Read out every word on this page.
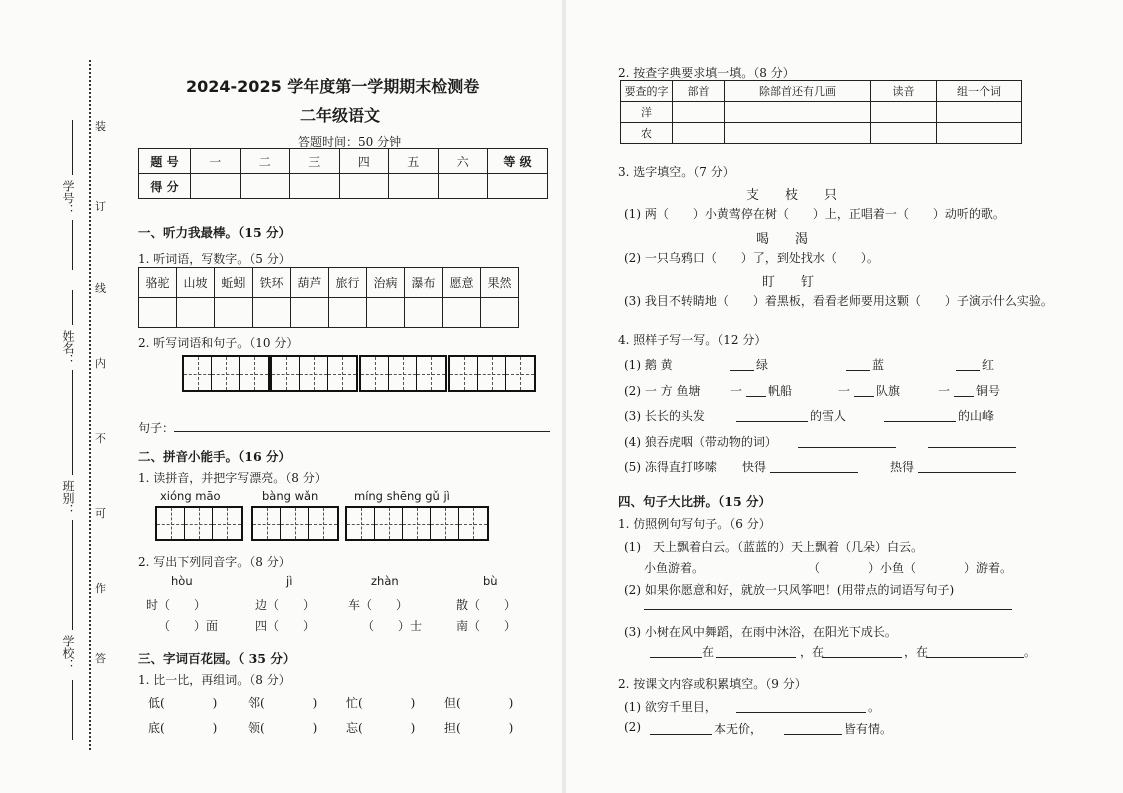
装
订
线
内
不
可
作
答
学号：
姓名：
班别：
学校：
2024-2025 学年度第一学期期末检测卷
二年级语文
答题时间：50 分钟
题 号	一	二	三	四	五	六	等 级
得 分							
一、听力我最棒。（15 分）
1. 听词语，写数字。（5 分）
骆驼	山坡	蚯蚓	铁环	葫芦	旅行	治病	瀑布	愿意	果然

2. 听写词语和句子。（10 分）
句子：
二、拼音小能手。（16 分）
1. 读拼音，并把字写漂亮。（8 分）
xióng māo	bàng wǎn	míng shēng gǔ jì
2. 写出下列同音字。（8 分）
hòu	jì	zhàn	bù
时（　　）	边（　　）	车（　　）	散（　　）
（　　）面	四（　　）	（　　）士	南（　　）
三、字词百花园。（ 35 分）
1. 比一比，再组词。（8 分）
低(　　　　)	邻(　　　　) 忙(　　　　) 但(　　　　)
底(　　　　)	领(　　　　) 忘(　　　　) 担(　　　　)
2. 按查字典要求填一填。（8 分）
要查的字	部首	除部首还有几画	读音	组一个词
洋				
农				
3. 选字填空。（7 分）
支　　枝　　只
(1) 两（　　）小黄莺停在树（　　）上，正唱着一（　　）动听的歌。
喝　　渴
(2) 一只乌鸦口（　　）了，到处找水（　　）。
盯　　钉
(3) 我目不转睛地（　　）着黑板，看看老师要用这颗（　　）子演示什么实验。
4. 照样子写一写。（12 分）
(1) 鹅 黄	绿	蓝	红
(2) 一 方 鱼塘 一 帆船	一 队旗	一 铜号
(3) 长长的头发	的雪人	的山峰
(4) 狼吞虎咽（带动物的词）
(5) 冻得直打哆嗦 快得	热得
四、句子大比拼。（15 分）
1. 仿照例句写句子。（6 分）
(1)　天上飘着白云。（蓝蓝的）天上飘着（几朵）白云。
小鱼游着。	（　　　　）小鱼（　　　　）游着。
(2) 如果你愿意和好，就放一只风筝吧！(用带点的词语写句子)
(3) 小树在风中舞蹈，在雨中沐浴，在阳光下成长。
在	，在	，在	。
2. 按课文内容或积累填空。（9 分）
(1) 欲穷千里目，	。
(2)	本无价，	皆有情。
